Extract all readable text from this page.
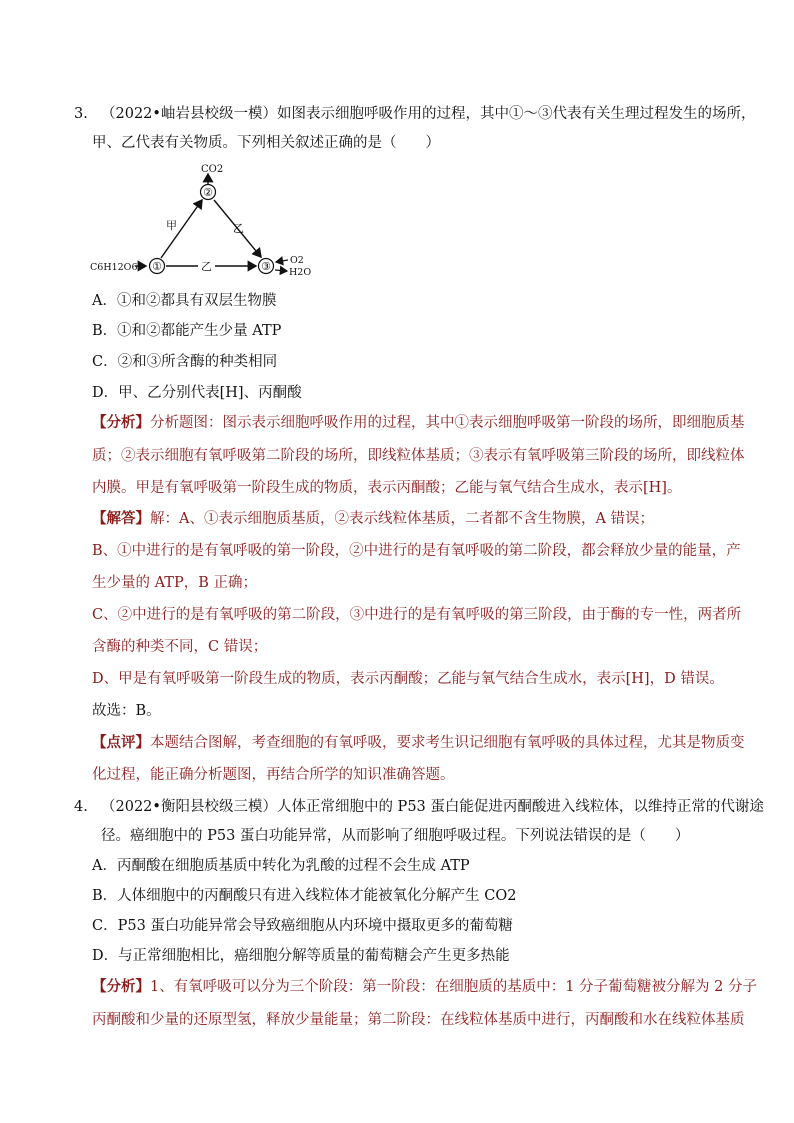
3. （2022•岫岩县校级一模）如图表示细胞呼吸作用的过程，其中①～③代表有关生理过程发生的场所，
甲、乙代表有关物质。下列相关叙述正确的是（　　）
CO2
②
C6H12O6 ①	③
甲	乙
乙	O2
H2O
A．①和②都具有双层生物膜
B．①和②都能产生少量 ATP
C．②和③所含酶的种类相同
D．甲、乙分别代表[H]、丙酮酸
【分析】分析题图：图示表示细胞呼吸作用的过程，其中①表示细胞呼吸第一阶段的场所，即细胞质基
质；②表示细胞有氧呼吸第二阶段的场所，即线粒体基质；③表示有氧呼吸第三阶段的场所，即线粒体
内膜。甲是有氧呼吸第一阶段生成的物质，表示丙酮酸；乙能与氧气结合生成水，表示[H]。
【解答】解：A、①表示细胞质基质，②表示线粒体基质，二者都不含生物膜，A 错误；
B、①中进行的是有氧呼吸的第一阶段，②中进行的是有氧呼吸的第二阶段，都会释放少量的能量，产
生少量的 ATP，B 正确；
C、②中进行的是有氧呼吸的第二阶段，③中进行的是有氧呼吸的第三阶段，由于酶的专一性，两者所
含酶的种类不同，C 错误；
D、甲是有氧呼吸第一阶段生成的物质，表示丙酮酸；乙能与氧气结合生成水，表示[H]，D 错误。
故选：B。
【点评】本题结合图解，考查细胞的有氧呼吸，要求考生识记细胞有氧呼吸的具体过程，尤其是物质变
化过程，能正确分析题图，再结合所学的知识准确答题。
4. （2022•衡阳县校级三模）人体正常细胞中的 P53 蛋白能促进丙酮酸进入线粒体，以维持正常的代谢途
径。癌细胞中的 P53 蛋白功能异常，从而影响了细胞呼吸过程。下列说法错误的是（　　）
A．丙酮酸在细胞质基质中转化为乳酸的过程不会生成 ATP
B．人体细胞中的丙酮酸只有进入线粒体才能被氧化分解产生 CO2
C．P53 蛋白功能异常会导致癌细胞从内环境中摄取更多的葡萄糖
D．与正常细胞相比，癌细胞分解等质量的葡萄糖会产生更多热能
【分析】1、有氧呼吸可以分为三个阶段：第一阶段：在细胞质的基质中：1 分子葡萄糖被分解为 2 分子
丙酮酸和少量的还原型氢，释放少量能量；第二阶段：在线粒体基质中进行，丙酮酸和水在线粒体基质
